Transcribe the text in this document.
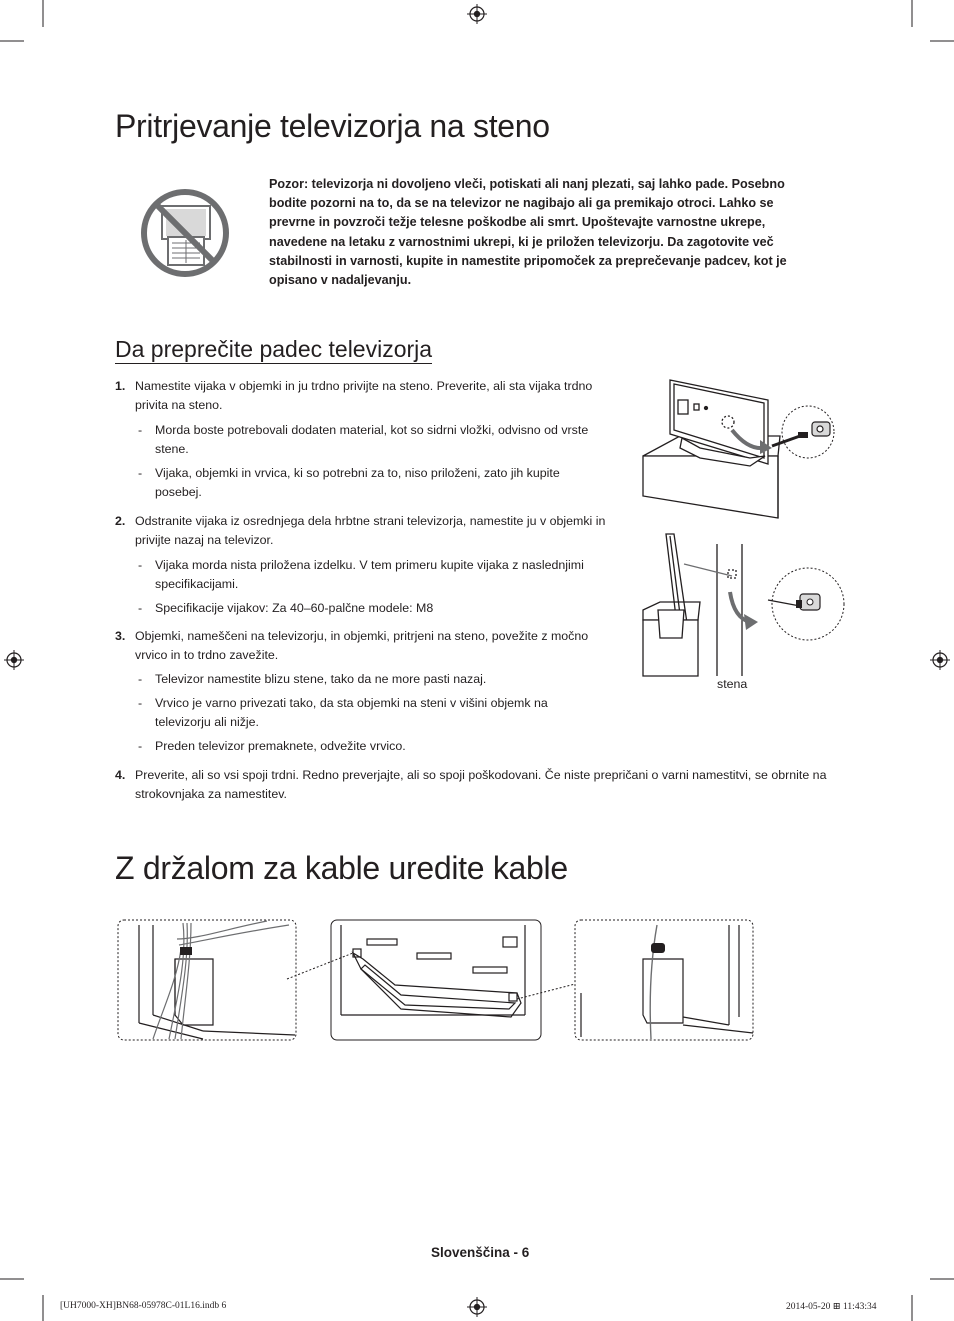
Pritrjevanje televizorja na steno
Pozor: televizorja ni dovoljeno vleči, potiskati ali nanj plezati, saj lahko pade. Posebno bodite pozorni na to, da se na televizor ne nagibajo ali ga premikajo otroci. Lahko se prevrne in povzroči težje telesne poškodbe ali smrt. Upoštevajte varnostne ukrepe, navedene na letaku z varnostnimi ukrepi, ki je priložen televizorju. Da zagotovite več stabilnosti in varnosti, kupite in namestite pripomoček za preprečevanje padcev, kot je opisano v nadaljevanju.
Da preprečite padec televizorja
1. Namestite vijaka v objemki in ju trdno privijte na steno. Preverite, ali sta vijaka trdno privita na steno.
- Morda boste potrebovali dodaten material, kot so sidrni vložki, odvisno od vrste stene.
- Vijaka, objemki in vrvica, ki so potrebni za to, niso priloženi, zato jih kupite posebej.
2. Odstranite vijaka iz osrednjega dela hrbtne strani televizorja, namestite ju v objemki in privijte nazaj na televizor.
- Vijaka morda nista priložena izdelku. V tem primeru kupite vijaka z naslednjimi specifikacijami.
- Specifikacije vijakov: Za 40–60-palčne modele: M8
3. Objemki, nameščeni na televizorju, in objemki, pritrjeni na steno, povežite z močno vrvico in to trdno zavežite.
- Televizor namestite blizu stene, tako da ne more pasti nazaj.
- Vrvico je varno privezati tako, da sta objemki na steni v višini objemk na televizorju ali nižje.
- Preden televizor premaknete, odvežite vrvico.
4. Preverite, ali so vsi spoji trdni. Redno preverjajte, ali so spoji poškodovani. Če niste prepričani o varni namestitvi, se obrnite na strokovnjaka za namestitev.
stena
Z držalom za kable uredite kable
Slovenščina - 6
[UH7000-XH]BN68-05978C-01L16.indb 6	2014-05-20 ⊞ 11:43:34
